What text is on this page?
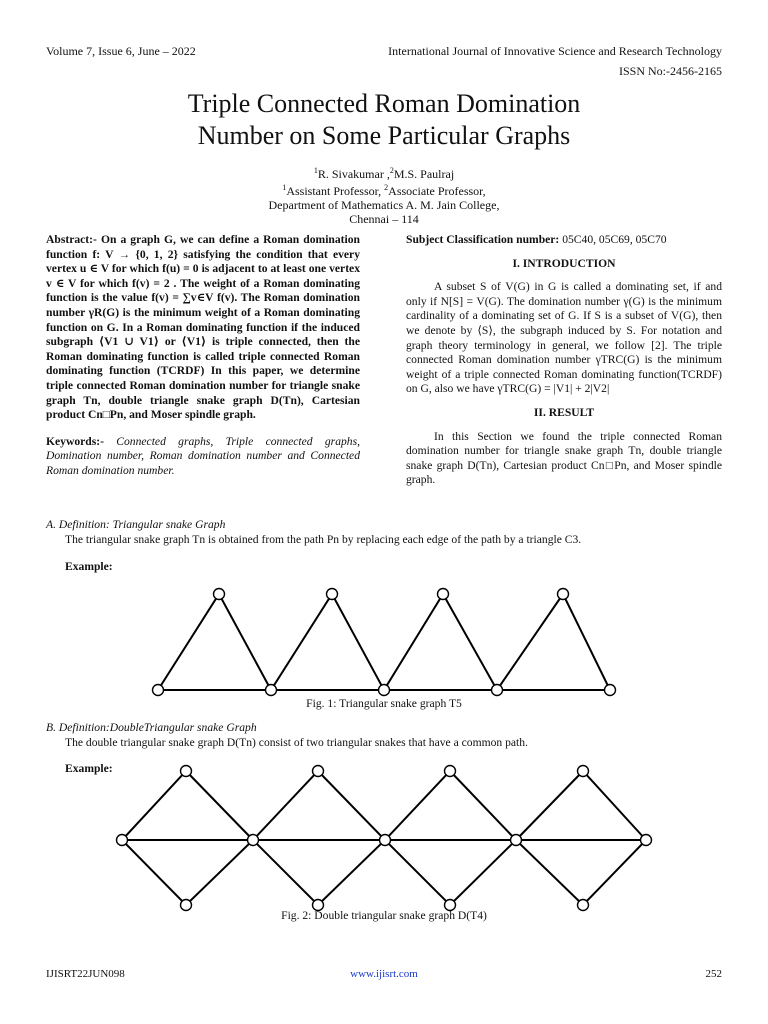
Volume 7, Issue 6, June – 2022	International Journal of Innovative Science and Research Technology
ISSN No:-2456-2165
Triple Connected Roman Domination
Number on Some Particular Graphs
$^1$R. Sivakumar ,$^2$M.S. Paulraj
$^1$Assistant Professor, $^2$Associate Professor,
Department of Mathematics A. M. Jain College,
Chennai – 114

Abstract:- On a graph G, we can define a Roman domination function f: V → {0, 1, 2} satisfying the condition that every vertex u ∈ V for which f(u) = 0 is adjacent to at least one vertex v ∈ V for which f(v) = 2 . The weight of a Roman dominating function is the value f(v) = ∑v∈V f(v). The Roman domination number γR(G) is the minimum weight of a Roman dominating function on G. In a Roman dominating function if the induced subgraph ⟨V1 ∪ V1⟩ or ⟨V1⟩ is triple connected, then the Roman dominating function is called triple connected Roman dominating function (TCRDF) In this paper, we determine triple connected Roman domination number for triangle snake graph Tn, double triangle snake graph D(Tn), Cartesian product Cn□Pn, and Moser spindle graph.

Keywords:- Connected graphs, Triple connected graphs, Domination number, Roman domination number and Connected Roman domination number.

Subject Classification number: 05C40, 05C69, 05C70
I. INTRODUCTION

A subset S of V(G) in G is called a dominating set, if and only if N[S] = V(G). The domination number γ(G) is the minimum cardinality of a dominating set of G. If S is a subset of V(G), then we denote by ⟨S⟩, the subgraph induced by S. For notation and graph theory terminology in general, we follow [2]. The triple connected Roman domination number γTRC(G) is the minimum weight of a triple connected Roman dominating function(TCRDF) on G, also we have γTRC(G) = |V1| + 2|V2|

II. RESULT

In this Section we found the triple connected Roman domination number for triangle snake graph Tn, double triangle snake graph D(Tn), Cartesian product Cn□Pn, and Moser spindle graph.

A. Definition: Triangular snake Graph
The triangular snake graph Tn is obtained from the path Pn by replacing each edge of the path by a triangle C3.
Example:
Fig. 1: Triangular snake graph T5
B. Definition:DoubleTriangular snake Graph
The double triangular snake graph D(Tn) consist of two triangular snakes that have a common path.
Example:
Fig. 2: Double triangular snake graph D(T4)
IJISRT22JUN098	www.ijisrt.com	252
